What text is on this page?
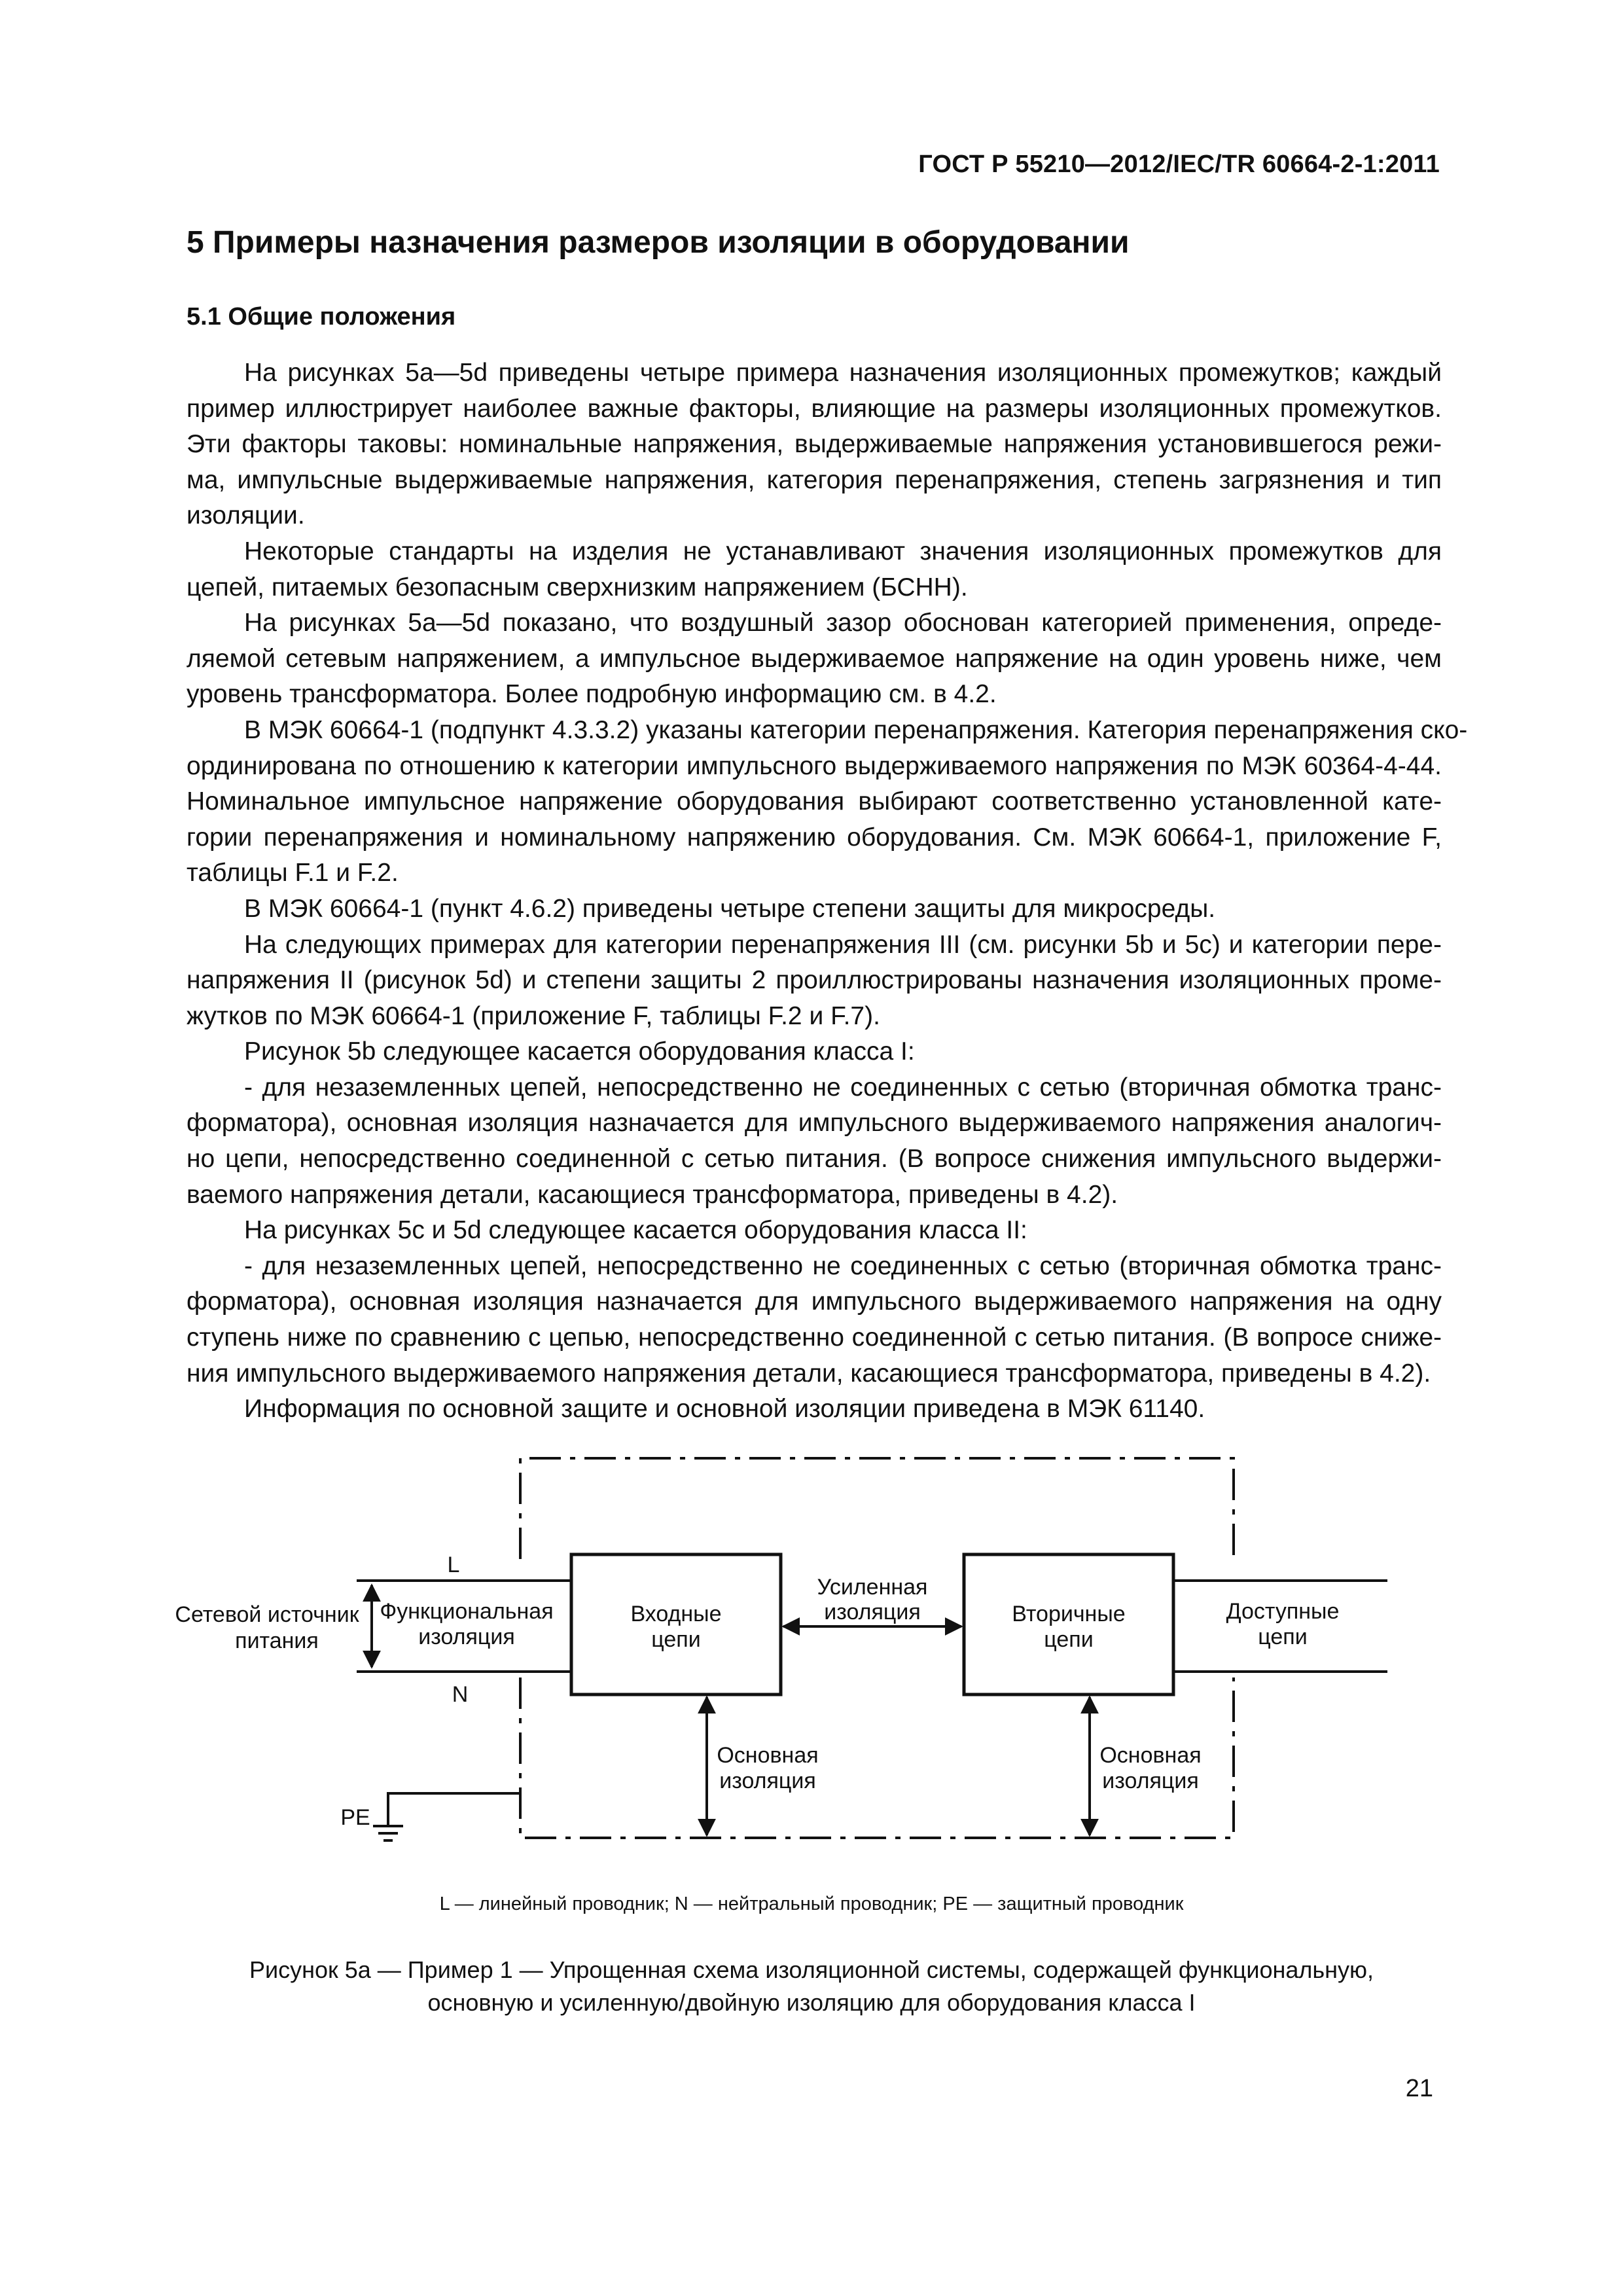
ГОСТ Р 55210—2012/IEC/TR 60664-2-1:2011
5 Примеры назначения размеров изоляции в оборудовании
5.1 Общие положения
На рисунках 5a—5d приведены четыре примера назначения изоляционных промежутков; каждый
пример иллюстрирует наиболее важные факторы, влияющие на размеры изоляционных промежутков.
Эти факторы таковы: номинальные напряжения, выдерживаемые напряжения установившегося режи-
ма, импульсные выдерживаемые напряжения, категория перенапряжения, степень загрязнения и тип
изоляции.
Некоторые стандарты на изделия не устанавливают значения изоляционных промежутков для
цепей, питаемых безопасным сверхнизким напряжением (БСНН).
На рисунках 5a—5d показано, что воздушный зазор обоснован категорией применения, опреде-
ляемой сетевым напряжением, а импульсное выдерживаемое напряжение на один уровень ниже, чем
уровень трансформатора. Более подробную информацию см. в 4.2.
В МЭК 60664-1 (подпункт 4.3.3.2) указаны категории перенапряжения. Категория перенапряжения ско-
ординирована по отношению к категории импульсного выдерживаемого напряжения по МЭК 60364-4-44.
Номинальное импульсное напряжение оборудования выбирают соответственно установленной кате-
гории перенапряжения и номинальному напряжению оборудования. См. МЭК 60664-1, приложение F,
таблицы F.1 и F.2.
В МЭК 60664-1 (пункт 4.6.2) приведены четыре степени защиты для микросреды.
На следующих примерах для категории перенапряжения III (см. рисунки 5b и 5c) и категории пере-
напряжения II (рисунок 5d) и степени защиты 2 проиллюстрированы назначения изоляционных проме-
жутков по МЭК 60664-1 (приложение F, таблицы F.2 и F.7).
Рисунок 5b следующее касается оборудования класса I:
- для незаземленных цепей, непосредственно не соединенных с сетью (вторичная обмотка транс-
форматора), основная изоляция назначается для импульсного выдерживаемого напряжения аналогич-
но цепи, непосредственно соединенной с сетью питания. (В вопросе снижения импульсного выдержи-
ваемого напряжения детали, касающиеся трансформатора, приведены в 4.2).
На рисунках 5c и 5d следующее касается оборудования класса II:
- для незаземленных цепей, непосредственно не соединенных с сетью (вторичная обмотка транс-
форматора), основная изоляция назначается для импульсного выдерживаемого напряжения на одну
ступень ниже по сравнению с цепью, непосредственно соединенной с сетью питания. (В вопросе сниже-
ния импульсного выдерживаемого напряжения детали, касающиеся трансформатора, приведены в 4.2).
Информация по основной защите и основной изоляции приведена в МЭК 61140.
L
N
PE
Сетевой источник
питания
Функциональная
изоляция
Входные
цепи
Усиленная
изоляция	Вторичные
цепи
Доступные
цепи
Основная
изоляция
Основная
изоляция
L — линейный проводник; N — нейтральный проводник; PE — защитный проводник
Рисунок 5a — Пример 1 — Упрощенная схема изоляционной системы, содержащей функциональную,
основную и усиленную/двойную изоляцию для оборудования класса I
21
